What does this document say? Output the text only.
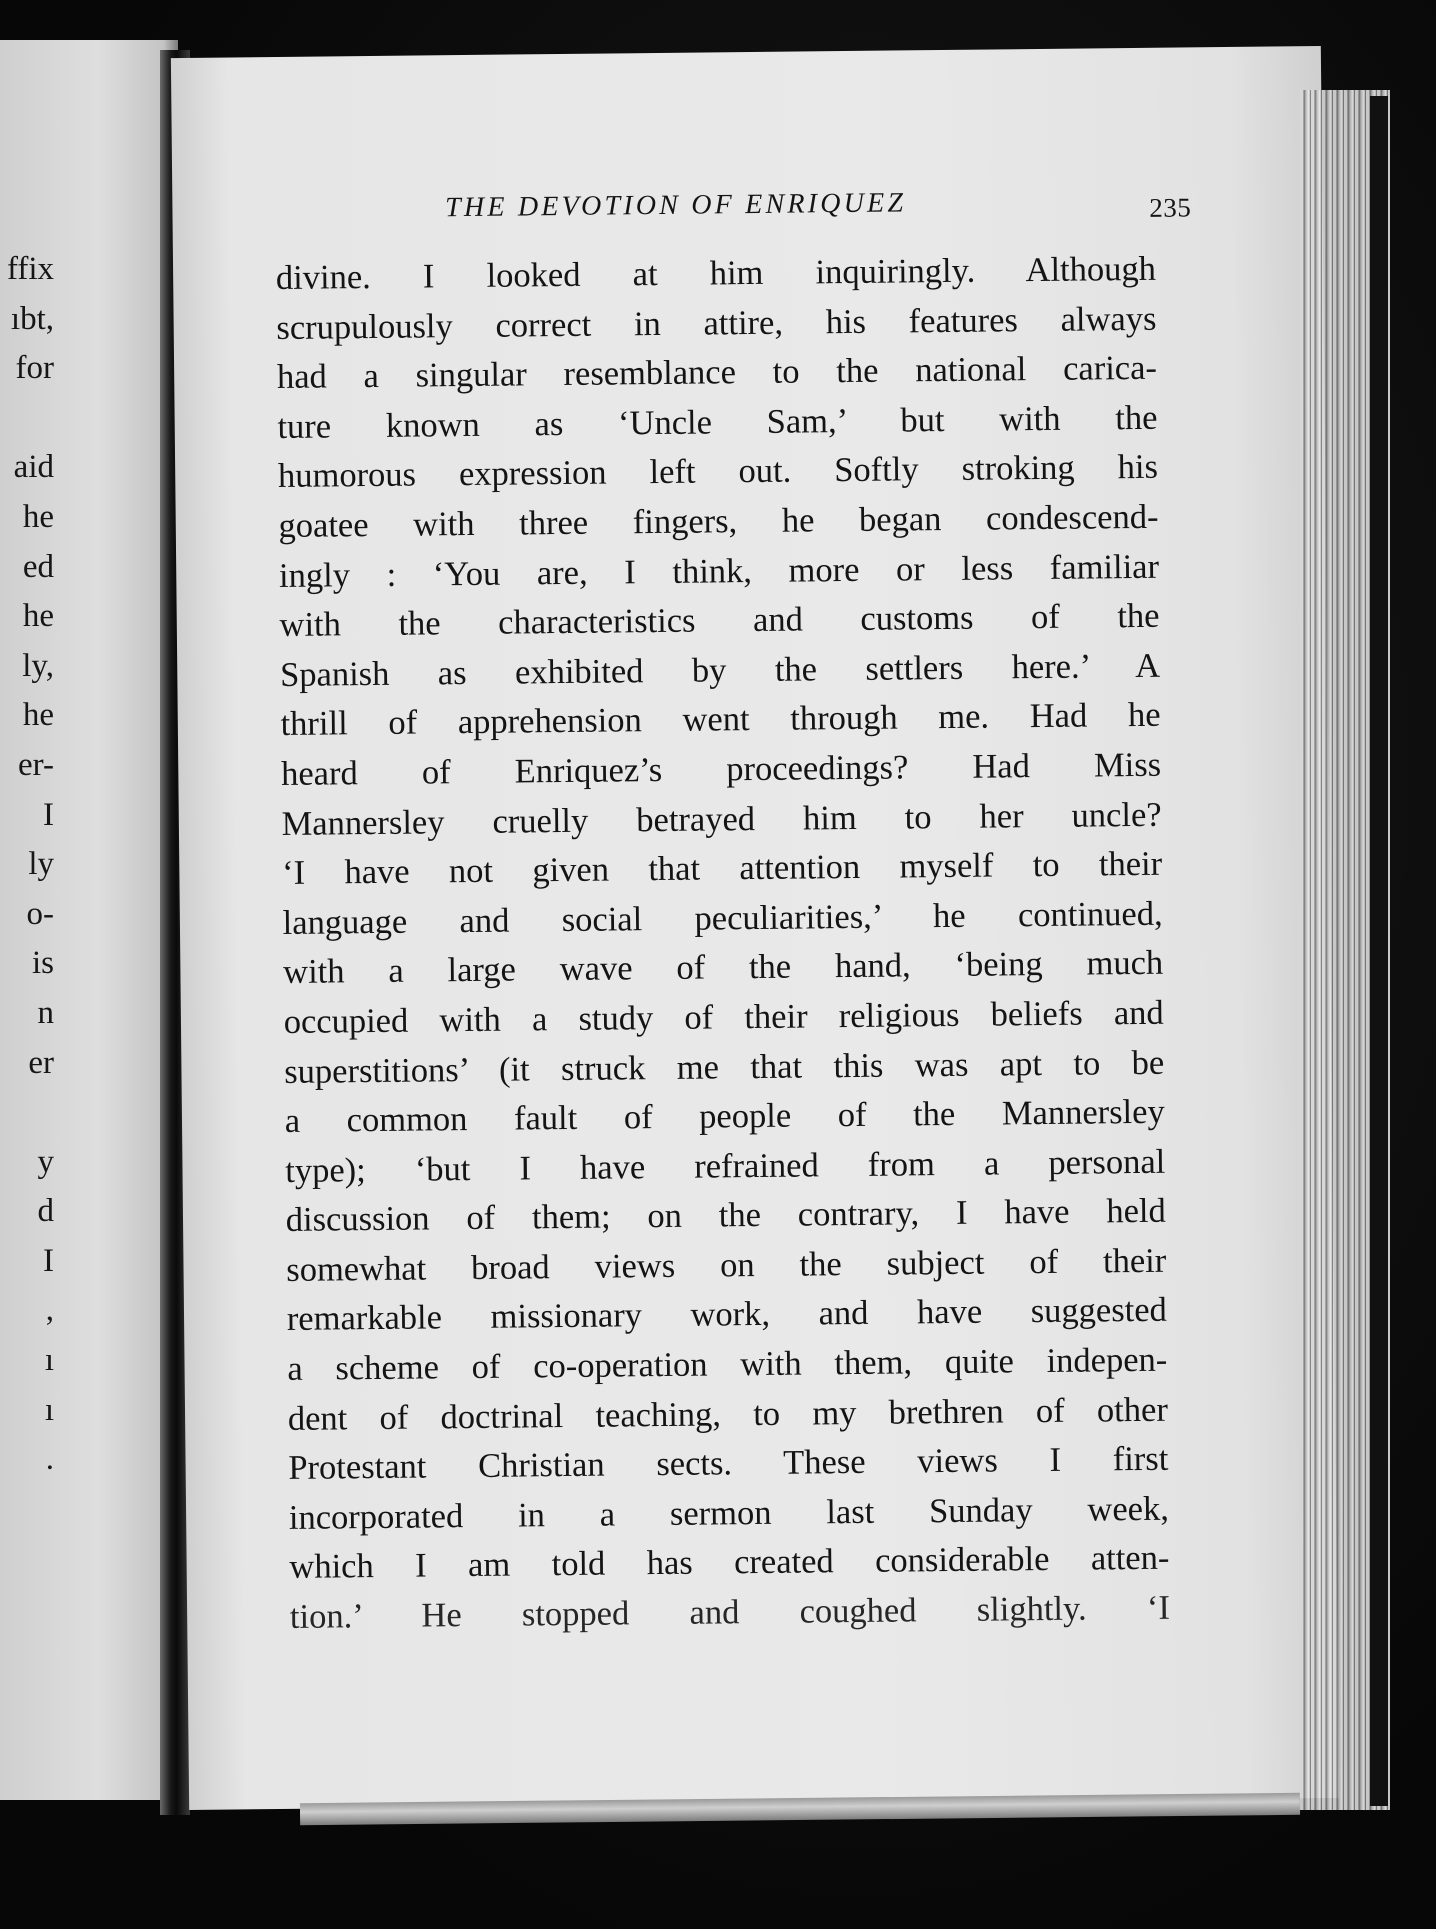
ffix
ıbt,
for

aid
he
ed
he
ly,
he
er-
I
ly
o-
is
n
er

y
d
I
,
ı
ı
.
THE DEVOTION OF ENRIQUEZ	235
divine. I looked at him inquiringly. Although
scrupulously correct in attire, his features always
had a singular resemblance to the national carica-
ture known as ‘Uncle Sam,’ but with the
humorous expression left out. Softly stroking his
goatee with three fingers, he began condescend-
ingly : ‘You are, I think, more or less familiar
with the characteristics and customs of the
Spanish as exhibited by the settlers here.’ A
thrill of apprehension went through me. Had he
heard of Enriquez’s proceedings? Had Miss
Mannersley cruelly betrayed him to her uncle?
‘I have not given that attention myself to their
language and social peculiarities,’ he continued,
with a large wave of the hand, ‘being much
occupied with a study of their religious beliefs and
superstitions’ (it struck me that this was apt to be
a common fault of people of the Mannersley
type); ‘but I have refrained from a personal
discussion of them; on the contrary, I have held
somewhat broad views on the subject of their
remarkable missionary work, and have suggested
a scheme of co-operation with them, quite indepen-
dent of doctrinal teaching, to my brethren of other
Protestant Christian sects. These views I first
incorporated in a sermon last Sunday week,
which I am told has created considerable atten-
tion.’ He stopped and coughed slightly. ‘I
